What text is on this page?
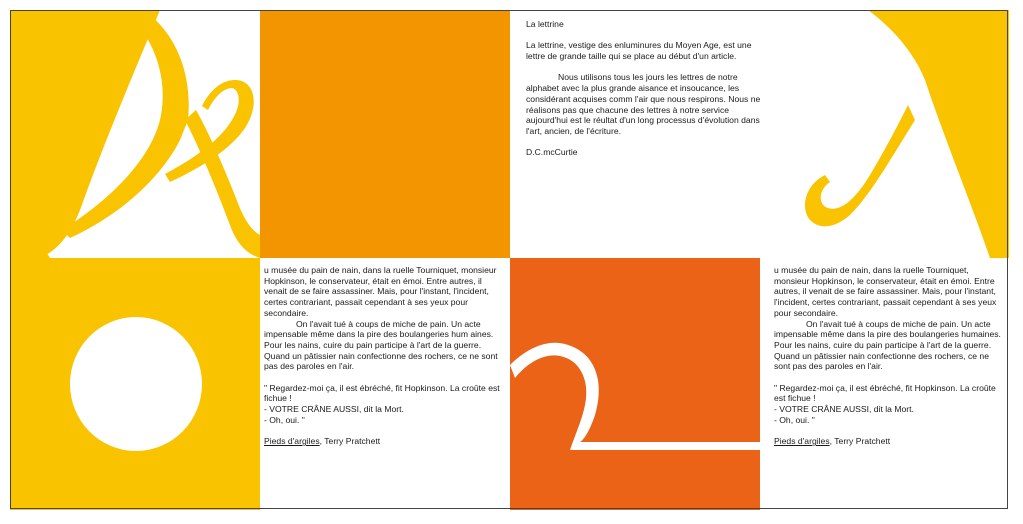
La lettrine

La lettrine, vestige des enluminures du Moyen Age, est une lettre de grande taille qui se place au début d'un article.

Nous utilisons tous les jours les lettres de notre alphabet avec la plus grande aisance et insoucance, les considérant acquises comm l'air que nous respirons. Nous ne réalisons pas que chacune des lettres à notre service aujourd'hui est le réultat d'un long processus d'évolution dans l'art, ancien, de l'écriture.

D.C.mcCurtie

u musée du pain de nain, dans la ruelle Tourniquet, monsieur Hopkinson, le conservateur, était en émoi. Entre autres, il venait de se faire assassiner. Mais, pour l'instant, l'incident, certes contrariant, passait cependant à ses yeux pour secondaire.

On l'avait tué à coups de miche de pain. Un acte impensable même dans la pire des boulangeries hum aines. Pour les nains, cuire du pain participe à l'art de la guerre. Quand un pâtissier nain confectionne des rochers, ce ne sont pas des paroles en l'air.

" Regardez-moi ça, il est ébréché, fit Hopkinson. La croûte est fichue !

- VOTRE CRÂNE AUSSI, dit la Mort.

- Oh, oui. "

Pieds d'argiles, Terry Pratchett

u musée du pain de nain, dans la ruelle Tourniquet, monsieur Hopkinson, le conservateur, était en émoi. Entre autres, il venait de se faire assassiner. Mais, pour l'instant, l'incident, certes contrariant, passait cependant à ses yeux pour secondaire.

On l'avait tué à coups de miche de pain. Un acte impensable même dans la pire des boulangeries humaines. Pour les nains, cuire du pain participe à l'art de la guerre. Quand un pâtissier nain confectionne des rochers, ce ne sont pas des paroles en l'air.

" Regardez-moi ça, il est ébréché, fit Hopkinson. La croûte est fichue !

- VOTRE CRÂNE AUSSI, dit la Mort.

- Oh, oui. "

Pieds d'argiles, Terry Pratchett
